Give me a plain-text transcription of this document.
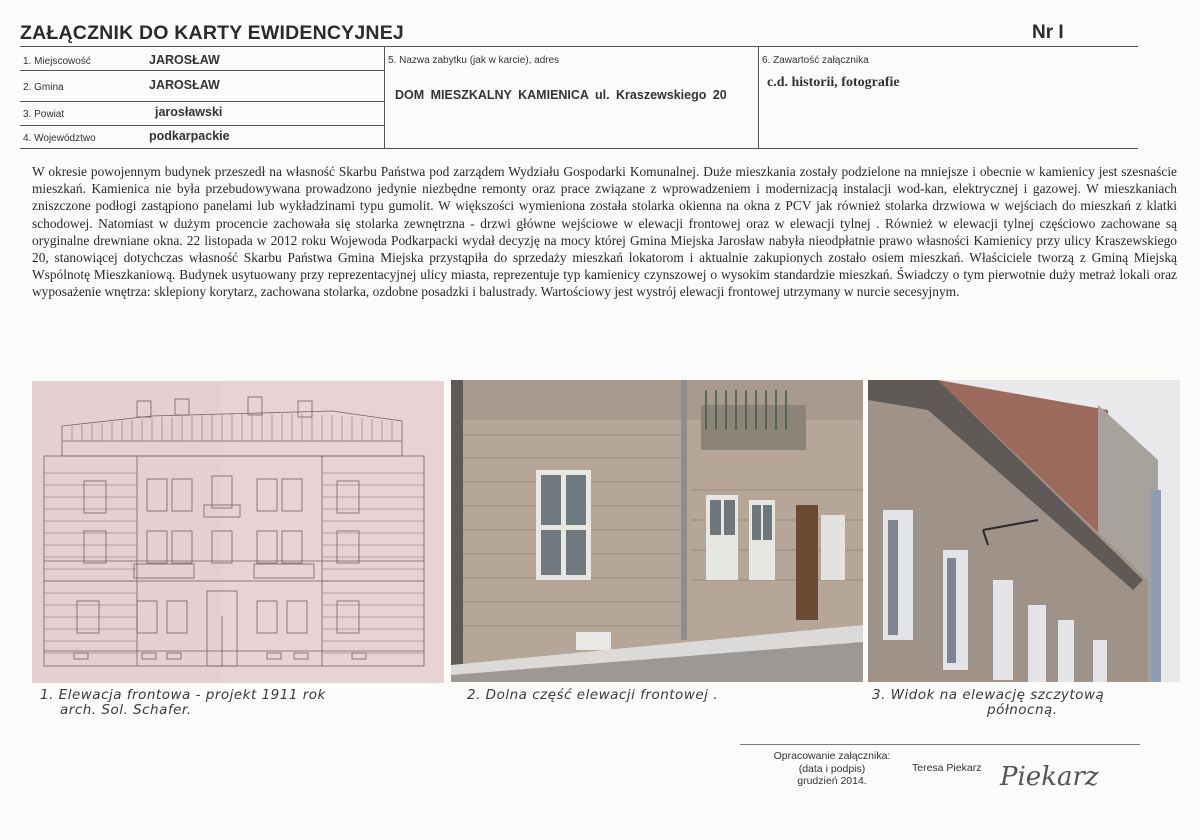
ZAŁĄCZNIK DO KARTY EWIDENCYJNEJ	Nr I
1. Miejscowość	JAROSŁAW
2. Gmina	JAROSŁAW
3. Powiat	jarosławski
4. Województwo	podkarpackie
5. Nazwa zabytku (jak w karcie), adres
DOM MIESZKALNY KAMIENICA ul. Kraszewskiego 20
6. Zawartość załącznika
c.d. historii, fotografie

W okresie powojennym budynek przeszedł na własność Skarbu Państwa pod zarządem Wydziału Gospodarki Komunalnej. Duże mieszkania zostały podzielone na mniejsze i obecnie w kamienicy jest szesnaście mieszkań. Kamienica nie była przebudowywana prowadzono jedynie niezbędne remonty oraz prace związane z wprowadzeniem i modernizacją instalacji wod-kan, elektrycznej i gazowej. W mieszkaniach zniszczone podłogi zastąpiono panelami lub wykładzinami typu gumolit. W większości wymieniona została stolarka okienna na okna z PCV jak również stolarka drzwiowa w wejściach do mieszkań z klatki schodowej. Natomiast w dużym procencie zachowała się stolarka zewnętrzna - drzwi główne wejściowe w elewacji frontowej oraz w elewacji tylnej . Również w elewacji tylnej częściowo zachowane są oryginalne drewniane okna. 22 listopada w 2012 roku Wojewoda Podkarpacki wydał decyzję na mocy której Gmina Miejska Jarosław nabyła nieodpłatnie prawo własności Kamienicy przy ulicy Kraszewskiego 20, stanowiącej dotychczas własność Skarbu Państwa Gmina Miejska przystąpiła do sprzedaży mieszkań lokatorom i aktualnie zakupionych zostało osiem mieszkań. Właściciele tworzą z Gminą Miejską Wspólnotę Mieszkaniową. Budynek usytuowany przy reprezentacyjnej ulicy miasta, reprezentuje typ kamienicy czynszowej o wysokim standardzie mieszkań. Świadczy o tym pierwotnie duży metraż lokali oraz wyposażenie wnętrza: sklepiony korytarz, zachowana stolarka, ozdobne posadzki i balustrady. Wartościowy jest wystrój elewacji frontowej utrzymany w nurcie secesyjnym.

1. Elewacja frontowa - projekt 1911 rok
arch. Sol. Schafer.
2. Dolna część elewacji frontowej .	3. Widok na elewację szczytową
północną.
Opracowanie załącznika:
(data i podpis)
grudzień 2014.
Teresa Piekarz Piekarz
